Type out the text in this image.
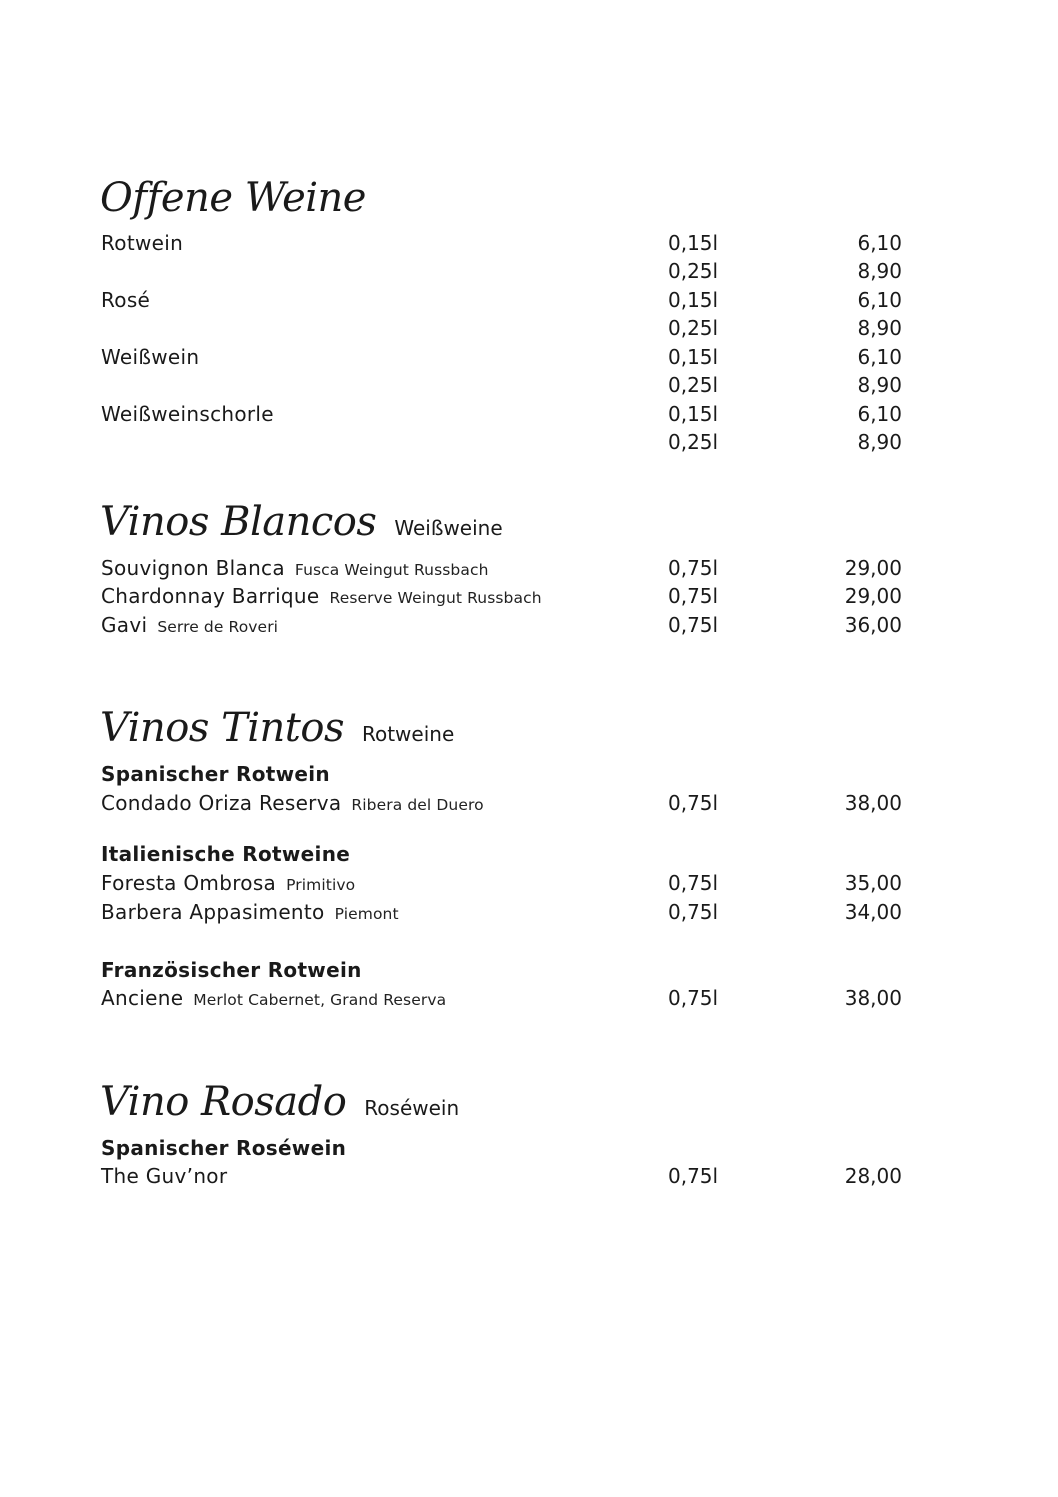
Offene Weine
Rotwein	0,15l	6,10
0,25l	8,90
Rosé	0,15l	6,10
0,25l	8,90
Weißwein	0,15l	6,10
0,25l	8,90
Weißweinschorle	0,15l	6,10
0,25l	8,90
Vinos Blancos Weißweine
Souvignon Blanca Fusca Weingut Russbach	0,75l	29,00
Chardonnay Barrique Reserve Weingut Russbach	0,75l	29,00
Gavi Serre de Roveri	0,75l	36,00
Vinos Tintos Rotweine
Spanischer Rotwein
Condado Oriza Reserva Ribera del Duero	0,75l	38,00
Italienische Rotweine
Foresta Ombrosa Primitivo	0,75l	35,00
Barbera Appasimento Piemont	0,75l	34,00
Französischer Rotwein
Anciene Merlot Cabernet, Grand Reserva	0,75l	38,00
Vino Rosado Roséwein
Spanischer Roséwein
The Guv’nor	0,75l	28,00
